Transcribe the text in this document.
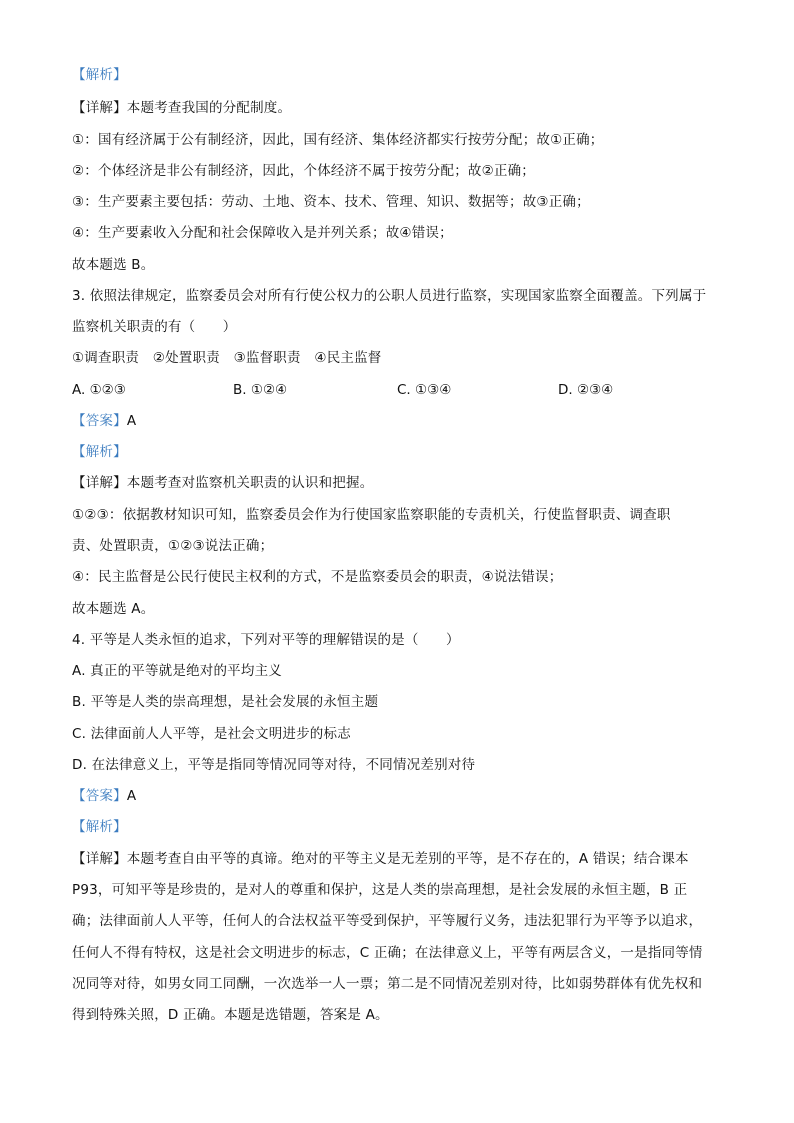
【解析】
【详解】本题考查我国的分配制度。
①：国有经济属于公有制经济，因此，国有经济、集体经济都实行按劳分配；故①正确；
②：个体经济是非公有制经济，因此，个体经济不属于按劳分配；故②正确；
③：生产要素主要包括：劳动、土地、资本、技术、管理、知识、数据等；故③正确；
④：生产要素收入分配和社会保障收入是并列关系；故④错误；
故本题选 B。
3. 依照法律规定，监察委员会对所有行使公权力的公职人员进行监察，实现国家监察全面覆盖。下列属于
监察机关职责的有（　　）
①调查职责　②处置职责　③监督职责　④民主监督
A. ①②③	B. ①②④	C. ①③④	D. ②③④
【答案】A
【解析】
【详解】本题考查对监察机关职责的认识和把握。
①②③：依据教材知识可知，监察委员会作为行使国家监察职能的专责机关，行使监督职责、调查职
责、处置职责，①②③说法正确；
④：民主监督是公民行使民主权利的方式，不是监察委员会的职责，④说法错误；
故本题选 A。
4. 平等是人类永恒的追求，下列对平等的理解错误的是（　　）
A. 真正的平等就是绝对的平均主义
B. 平等是人类的崇高理想，是社会发展的永恒主题
C. 法律面前人人平等，是社会文明进步的标志
D. 在法律意义上，平等是指同等情况同等对待，不同情况差别对待
【答案】A
【解析】
【详解】本题考查自由平等的真谛。绝对的平等主义是无差别的平等，是不存在的，A 错误；结合课本
P93，可知平等是珍贵的，是对人的尊重和保护，这是人类的崇高理想，是社会发展的永恒主题，B 正
确；法律面前人人平等，任何人的合法权益平等受到保护，平等履行义务，违法犯罪行为平等予以追求，
任何人不得有特权，这是社会文明进步的标志，C 正确；在法律意义上，平等有两层含义，一是指同等情
况同等对待，如男女同工同酬，一次选举一人一票；第二是不同情况差别对待，比如弱势群体有优先权和
得到特殊关照，D 正确。本题是选错题，答案是 A。
